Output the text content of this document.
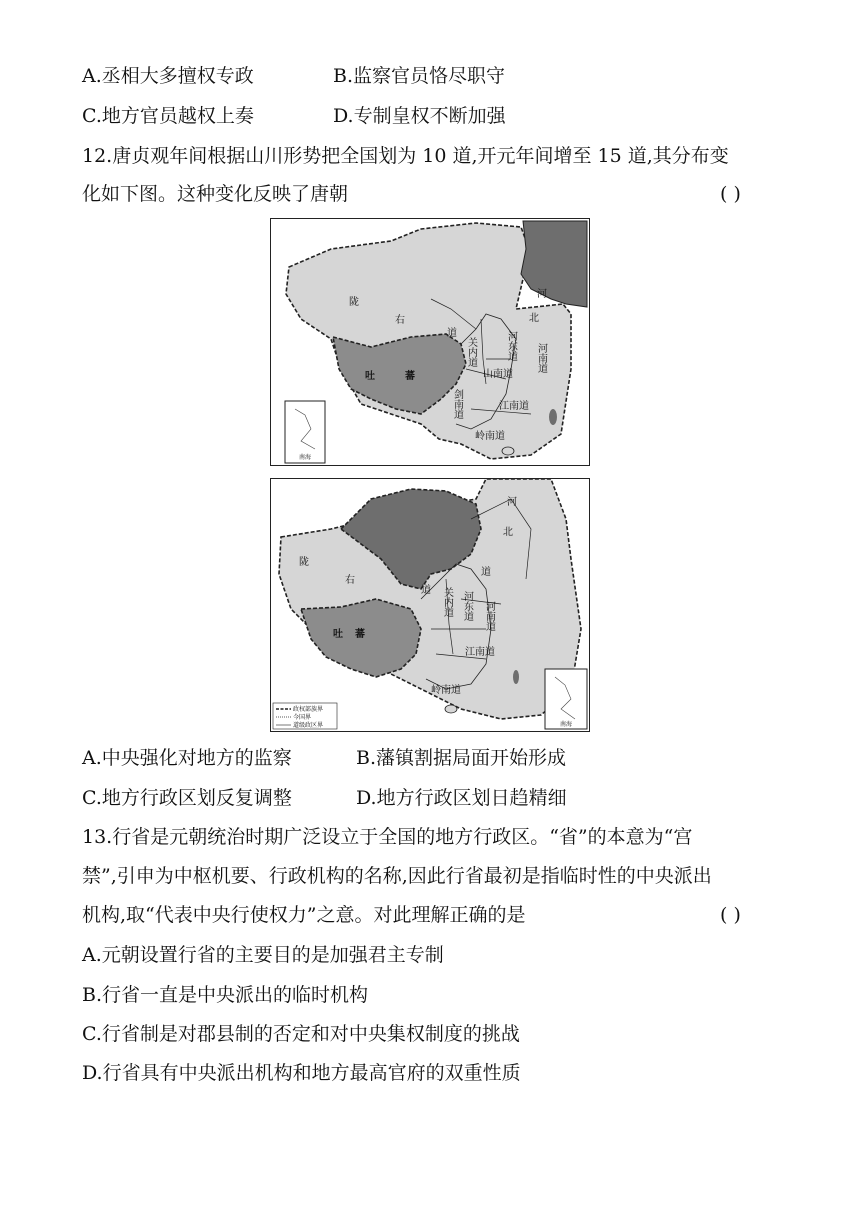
A.丞相大多擅权专政	B.监察官员恪尽职守
C.地方官员越权上奏	D.专制皇权不断加强
12.唐贞观年间根据山川形势把全国划为 10 道,开元年间增至 15 道,其分布变
化如下图。这种变化反映了唐朝	( )
南海
陇
右
道
吐	蕃
河
北
关内道	河东道 河南道
山南道
江南道
剑南道
岭南道
政权部族界
今国界
道级政区界	南海
陇
右
道
吐 蕃
河
北
道
关内道 河东道 河南道
江南道
岭南道
A.中央强化对地方的监察	B.藩镇割据局面开始形成
C.地方行政区划反复调整	D.地方行政区划日趋精细
13.行省是元朝统治时期广泛设立于全国的地方行政区。“省”的本意为“宫
禁”,引申为中枢机要、行政机构的名称,因此行省最初是指临时性的中央派出
机构,取“代表中央行使权力”之意。对此理解正确的是	( )
A.元朝设置行省的主要目的是加强君主专制
B.行省一直是中央派出的临时机构
C.行省制是对郡县制的否定和对中央集权制度的挑战
D.行省具有中央派出机构和地方最高官府的双重性质
